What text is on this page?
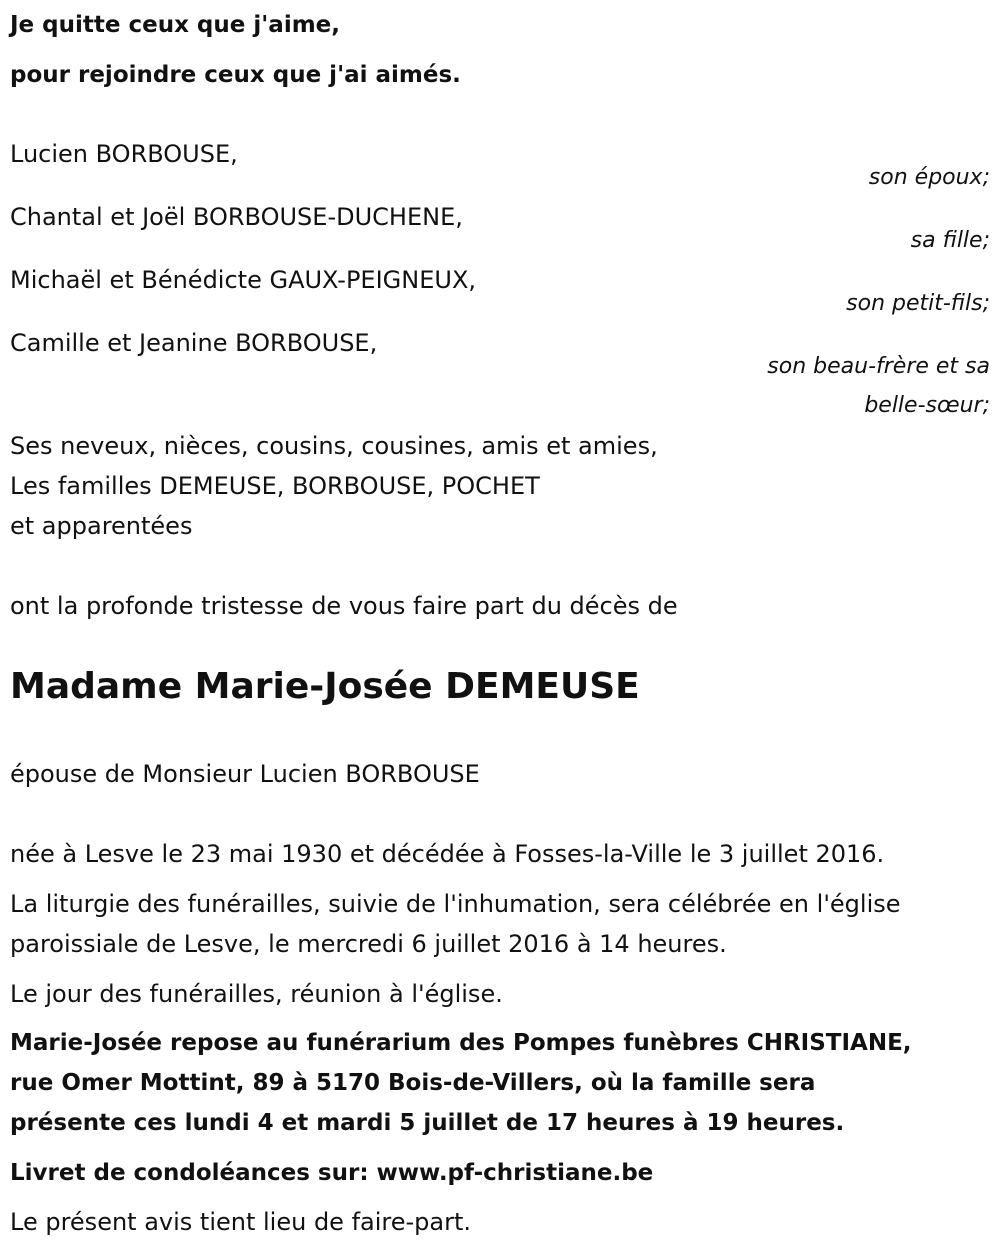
Je quitte ceux que j'aime,
pour rejoindre ceux que j'ai aimés.
Lucien BORBOUSE,
son époux;
Chantal et Joël BORBOUSE-DUCHENE,
sa fille;
Michaël et Bénédicte GAUX-PEIGNEUX,
son petit-fils;
Camille et Jeanine BORBOUSE,
son beau-frère et sa
belle-sœur;
Ses neveux, nièces, cousins, cousines, amis et amies,
Les familles DEMEUSE, BORBOUSE, POCHET
et apparentées
ont la profonde tristesse de vous faire part du décès de
Madame Marie-Josée DEMEUSE
épouse de Monsieur Lucien BORBOUSE
née à Lesve le 23 mai 1930 et décédée à Fosses-la-Ville le 3 juillet 2016.
La liturgie des funérailles, suivie de l'inhumation, sera célébrée en l'église
paroissiale de Lesve, le mercredi 6 juillet 2016 à 14 heures.
Le jour des funérailles, réunion à l'église.
Marie-Josée repose au funérarium des Pompes funèbres CHRISTIANE,
rue Omer Mottint, 89 à 5170 Bois-de-Villers, où la famille sera
présente ces lundi 4 et mardi 5 juillet de 17 heures à 19 heures.
Livret de condoléances sur: www.pf-christiane.be
Le présent avis tient lieu de faire-part.
